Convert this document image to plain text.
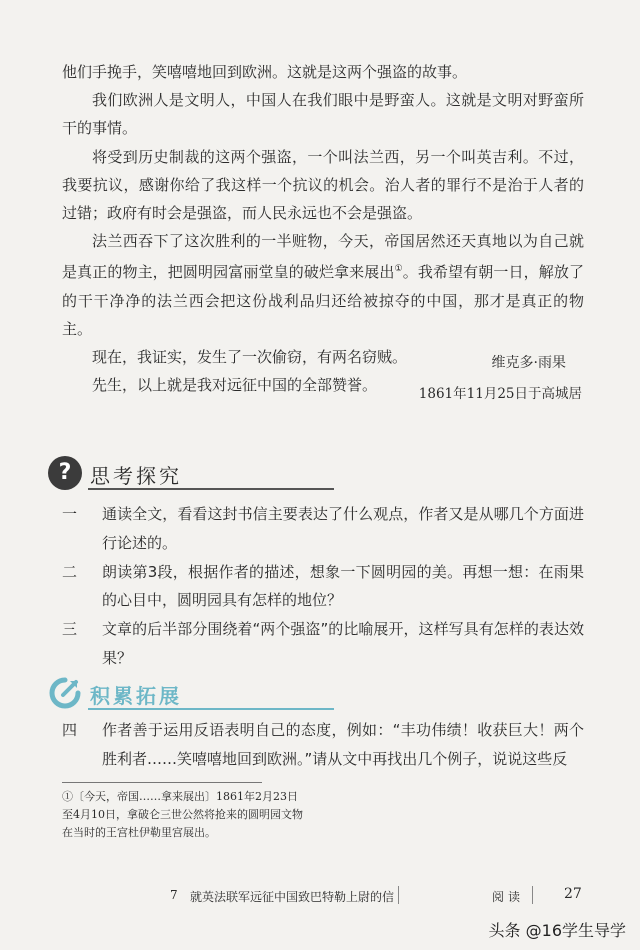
他们手挽手，笑嘻嘻地回到欧洲。这就是这两个强盗的故事。

我们欧洲人是文明人，中国人在我们眼中是野蛮人。这就是文明对野蛮所干的事情。

将受到历史制裁的这两个强盗，一个叫法兰西，另一个叫英吉利。不过，我要抗议，感谢你给了我这样一个抗议的机会。治人者的罪行不是治于人者的过错；政府有时会是强盗，而人民永远也不会是强盗。

法兰西吞下了这次胜利的一半赃物，今天，帝国居然还天真地以为自己就是真正的物主，把圆明园富丽堂皇的破烂拿来展出①。我希望有朝一日，解放了的干干净净的法兰西会把这份战利品归还给被掠夺的中国，那才是真正的物主。

现在，我证实，发生了一次偷窃，有两名窃贼。

先生，以上就是我对远征中国的全部赞誉。

维克多·雨果
1861年11月25日于高城居
? 思考探究
一 通读全文，看看这封书信主要表达了什么观点，作者又是从哪几个方面进行论述的。
二 朗读第3段，根据作者的描述，想象一下圆明园的美。再想一想：在雨果的心目中，圆明园具有怎样的地位？
三 文章的后半部分围绕着“两个强盗”的比喻展开，这样写具有怎样的表达效果？
积累拓展
四 作者善于运用反语表明自己的态度，例如：“丰功伟绩！收获巨大！两个胜利者……笑嘻嘻地回到欧洲。”请从文中再找出几个例子，说说这些反
①〔今天，帝国……拿来展出〕1861年2月23日至4月10日，拿破仑三世公然将抢来的圆明园文物在当时的王宫杜伊勒里宫展出。
7 就英法联军远征中国致巴特勒上尉的信	阅读	27
头条 @16学生导学
